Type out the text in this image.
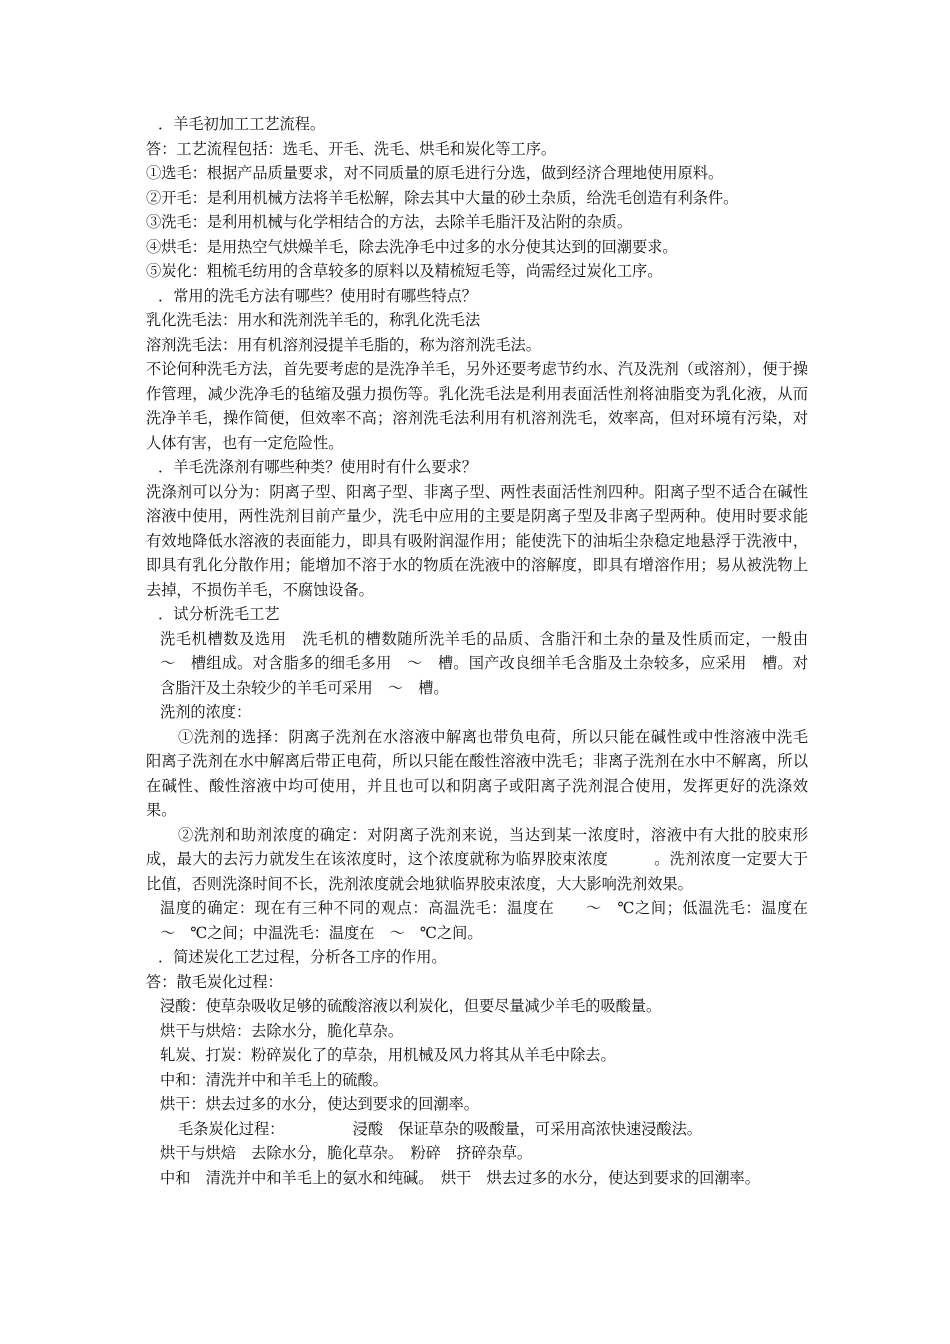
．羊毛初加工工艺流程。
答：工艺流程包括：选毛、开毛、洗毛、烘毛和炭化等工序。
①选毛：根据产品质量要求，对不同质量的原毛进行分选，做到经济合理地使用原料。
②开毛：是利用机械方法将羊毛松解，除去其中大量的砂土杂质，给洗毛创造有利条件。
③洗毛：是利用机械与化学相结合的方法，去除羊毛脂汗及沾附的杂质。
④烘毛：是用热空气烘燥羊毛，除去洗净毛中过多的水分使其达到的回潮要求。
⑤炭化：粗梳毛纺用的含草较多的原料以及精梳短毛等，尚需经过炭化工序。
．常用的洗毛方法有哪些？使用时有哪些特点？
乳化洗毛法：用水和洗剂洗羊毛的，称乳化洗毛法
溶剂洗毛法：用有机溶剂浸提羊毛脂的，称为溶剂洗毛法。
不论何种洗毛方法，首先要考虑的是洗净羊毛，另外还要考虑节约水、汽及洗剂（或溶剂），便于操作管理，减少洗净毛的毡缩及强力损伤等。乳化洗毛法是利用表面活性剂将油脂变为乳化液，从而洗净羊毛，操作简便，但效率不高；溶剂洗毛法利用有机溶剂洗毛，效率高，但对环境有污染，对人体有害，也有一定危险性。
．羊毛洗涤剂有哪些种类？使用时有什么要求？
洗涤剂可以分为：阴离子型、阳离子型、非离子型、两性表面活性剂四种。阳离子型不适合在碱性溶液中使用，两性洗剂目前产量少，洗毛中应用的主要是阴离子型及非离子型两种。使用时要求能有效地降低水溶液的表面能力，即具有吸附润湿作用；能使洗下的油垢尘杂稳定地悬浮于洗液中，即具有乳化分散作用；能增加不溶于水的物质在洗液中的溶解度，即具有增溶作用；易从被洗物上去掉，不损伤羊毛，不腐蚀设备。
．试分析洗毛工艺
洗毛机槽数及选用　洗毛机的槽数随所洗羊毛的品质、含脂汗和土杂的量及性质而定，一般由　～　槽组成。对含脂多的细毛多用　～　槽。国产改良细羊毛含脂及土杂较多，应采用　槽。对含脂汗及土杂较少的羊毛可采用　～　槽。
洗剂的浓度：
①洗剂的选择：阴离子洗剂在水溶液中解离也带负电荷，所以只能在碱性或中性溶液中洗毛　阳离子洗剂在水中解离后带正电荷，所以只能在酸性溶液中洗毛；非离子洗剂在水中不解离，所以在碱性、酸性溶液中均可使用，并且也可以和阴离子或阳离子洗剂混合使用，发挥更好的洗涤效果。
②洗剂和助剂浓度的确定：对阴离子洗剂来说，当达到某一浓度时，溶液中有大批的胶束形成，最大的去污力就发生在该浓度时，这个浓度就称为临界胶束浓度　　　。洗剂浓度一定要大于比值，否则洗涤时间不长，洗剂浓度就会地狱临界胶束浓度，大大影响洗剂效果。
温度的确定：现在有三种不同的观点：高温洗毛：温度在　　～　℃之间；低温洗毛：温度在　～　℃之间；中温洗毛：温度在　～　℃之间。
．简述炭化工艺过程，分析各工序的作用。
答：散毛炭化过程：
浸酸：使草杂吸收足够的硫酸溶液以利炭化，但要尽量减少羊毛的吸酸量。
烘干与烘焙：去除水分，脆化草杂。
轧炭、打炭：粉碎炭化了的草杂，用机械及风力将其从羊毛中除去。
中和：清洗并中和羊毛上的硫酸。
烘干：烘去过多的水分，使达到要求的回潮率。
毛条炭化过程：　　　　　浸酸　保证草杂的吸酸量，可采用高浓快速浸酸法。
烘干与烘焙　去除水分，脆化草杂。　粉碎　挤碎杂草。
中和　清洗并中和羊毛上的氨水和纯碱。　烘干　烘去过多的水分，使达到要求的回潮率。
